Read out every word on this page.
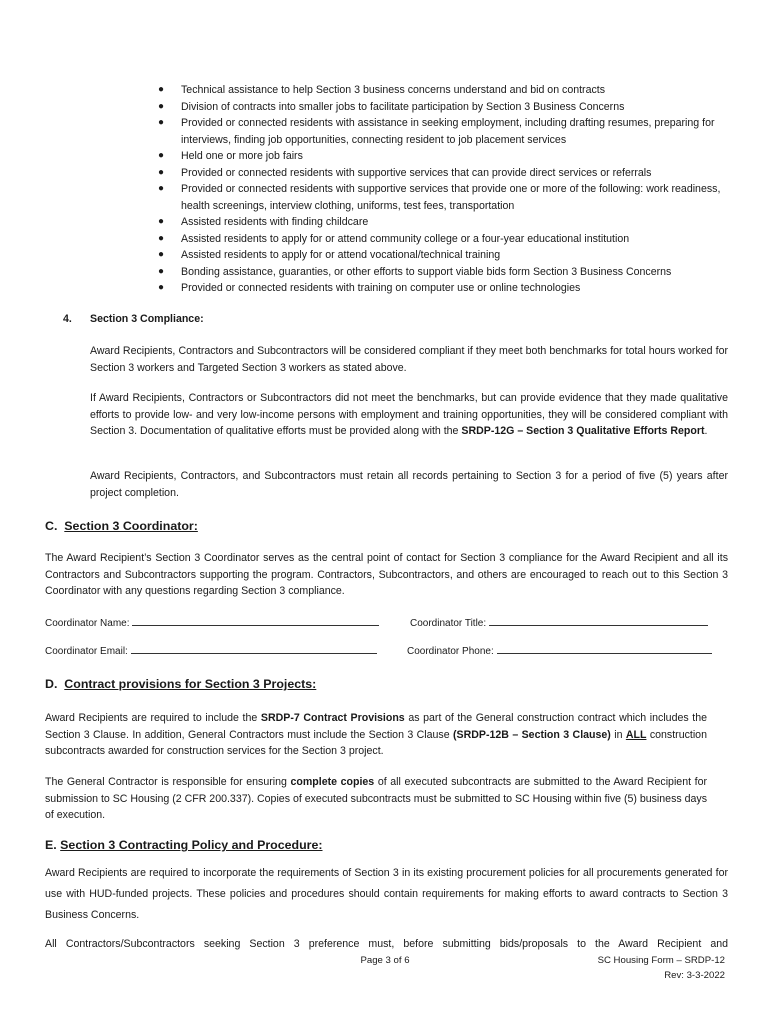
● Technical assistance to help Section 3 business concerns understand and bid on contracts
● Division of contracts into smaller jobs to facilitate participation by Section 3 Business Concerns
● Provided or connected residents with assistance in seeking employment, including drafting resumes, preparing for interviews, finding job opportunities, connecting resident to job placement services
● Held one or more job fairs
● Provided or connected residents with supportive services that can provide direct services or referrals
● Provided or connected residents with supportive services that provide one or more of the following: work readiness, health screenings, interview clothing, uniforms, test fees, transportation
● Assisted residents with finding childcare
● Assisted residents to apply for or attend community college or a four-year educational institution
● Assisted residents to apply for or attend vocational/technical training
● Bonding assistance, guaranties, or other efforts to support viable bids form Section 3 Business Concerns
● Provided or connected residents with training on computer use or online technologies
4. Section 3 Compliance:
Award Recipients, Contractors and Subcontractors will be considered compliant if they meet both benchmarks for total hours worked for Section 3 workers and Targeted Section 3 workers as stated above.
If Award Recipients, Contractors or Subcontractors did not meet the benchmarks, but can provide evidence that they made qualitative efforts to provide low- and very low-income persons with employment and training opportunities, they will be considered compliant with Section 3. Documentation of qualitative efforts must be provided along with the SRDP-12G – Section 3 Qualitative Efforts Report.
Award Recipients, Contractors, and Subcontractors must retain all records pertaining to Section 3 for a period of five (5) years after project completion.
C. Section 3 Coordinator:
The Award Recipient’s Section 3 Coordinator serves as the central point of contact for Section 3 compliance for the Award Recipient and all its Contractors and Subcontractors supporting the program. Contractors, Subcontractors, and others are encouraged to reach out to this Section 3 Coordinator with any questions regarding Section 3 compliance.
Coordinator Name:	Coordinator Title:
Coordinator Email:	Coordinator Phone:
D. Contract provisions for Section 3 Projects:
Award Recipients are required to include the SRDP-7 Contract Provisions as part of the General construction contract which includes the Section 3 Clause. In addition, General Contractors must include the Section 3 Clause (SRDP-12B – Section 3 Clause) in ALL construction subcontracts awarded for construction services for the Section 3 project.
The General Contractor is responsible for ensuring complete copies of all executed subcontracts are submitted to the Award Recipient for submission to SC Housing (2 CFR 200.337). Copies of executed subcontracts must be submitted to SC Housing within five (5) business days of execution.
E. Section 3 Contracting Policy and Procedure:
Award Recipients are required to incorporate the requirements of Section 3 in its existing procurement policies for all procurements generated for use with HUD-funded projects. These policies and procedures should contain requirements for making efforts to award contracts to Section 3 Business Concerns.
All Contractors/Subcontractors seeking Section 3 preference must, before submitting bids/proposals to the Award Recipient and
Page 3 of 6	SC Housing Form – SRDP-12
Rev: 3-3-2022
